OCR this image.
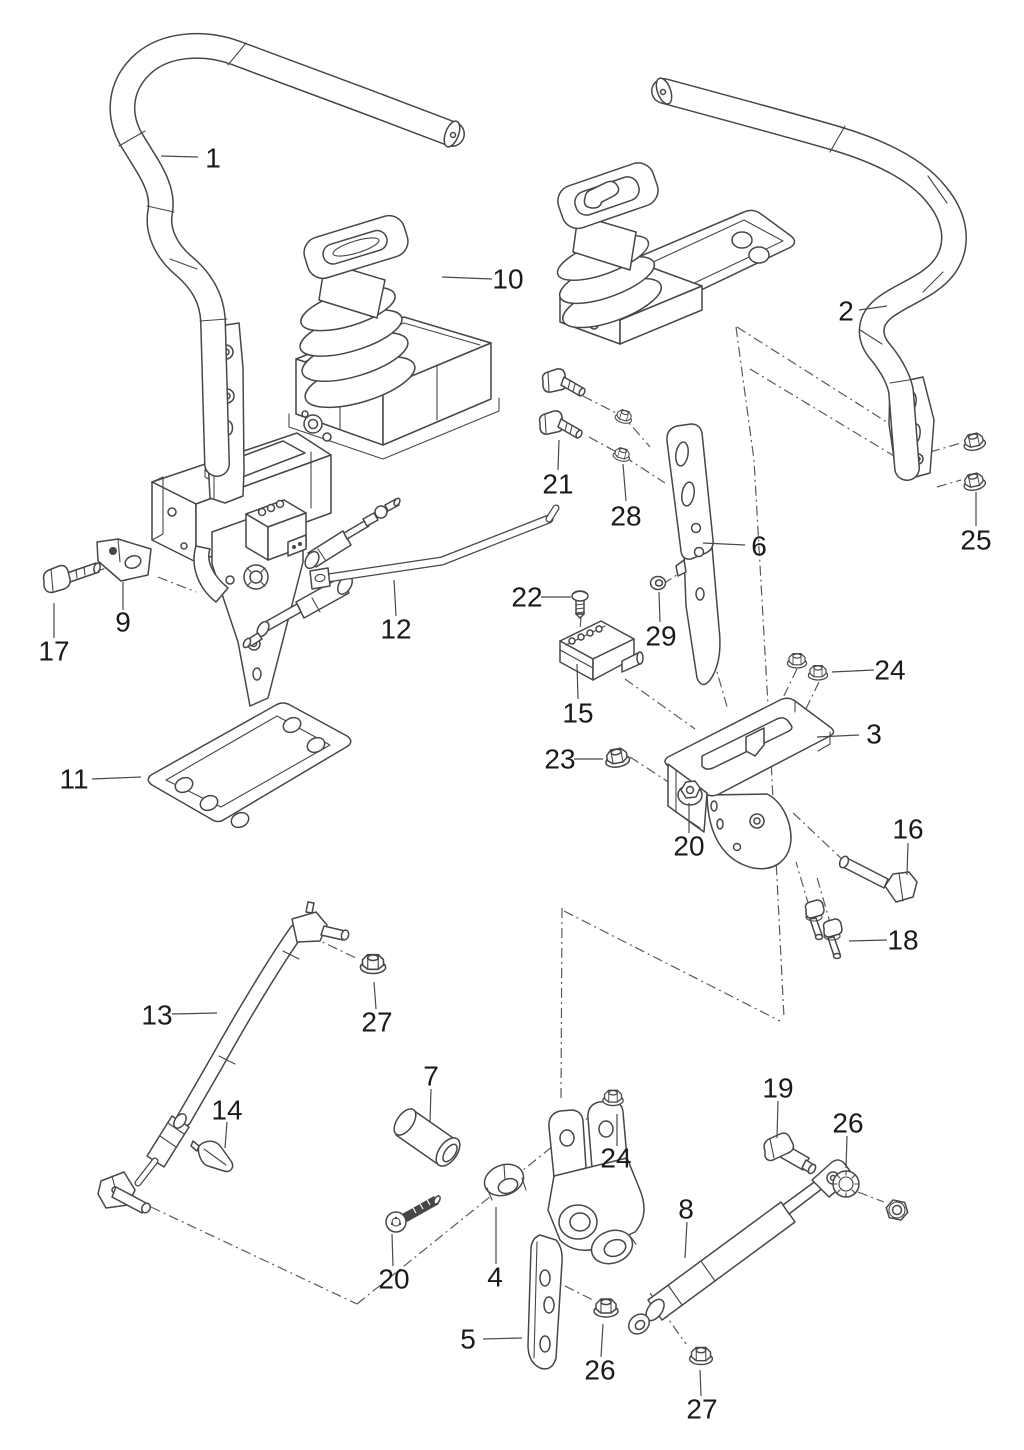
1
10
2
25
21
28
6
22
29
15
24
3
23
20
16
18
17
9	12
11
13	27
14
7	19
26
24
8
20	4
5
26
27
